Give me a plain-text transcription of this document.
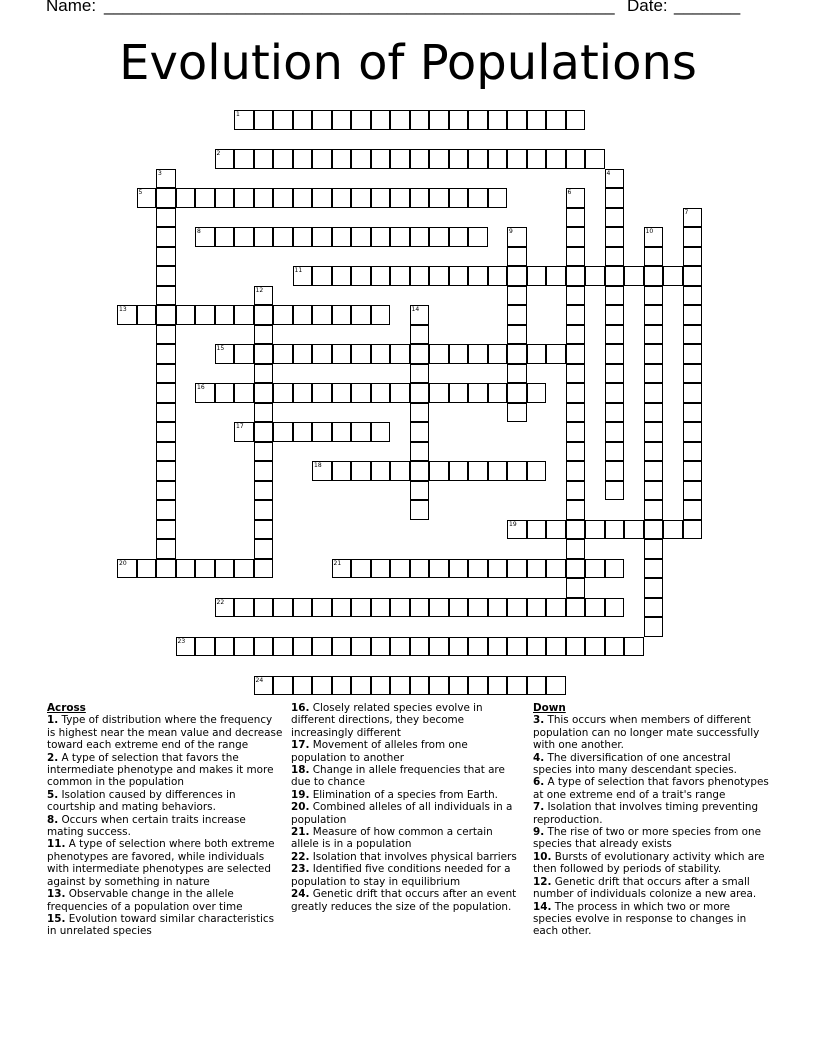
Name: ______________________________________________________ Date: _______
Evolution of Populations
1
2
3	4
5	6
7
8	9	10
11
12
13	14
15
16
17
18
19
20	21
22
23
24
Across
1. Type of distribution where the frequency is highest near the mean value and decrease toward each extreme end of the range
2. A type of selection that favors the intermediate phenotype and makes it more common in the population
5. Isolation caused by differences in courtship and mating behaviors.
8. Occurs when certain traits increase mating success.
11. A type of selection where both extreme phenotypes are favored, while individuals with intermediate phenotypes are selected against by something in nature
13. Observable change in the allele frequencies of a population over time
15. Evolution toward similar characteristics in unrelated species
16. Closely related species evolve in different directions, they become increasingly different
17. Movement of alleles from one population to another
18. Change in allele frequencies that are due to chance
19. Elimination of a species from Earth.
20. Combined alleles of all individuals in a population
21. Measure of how common a certain allele is in a population
22. Isolation that involves physical barriers
23. Identified five conditions needed for a population to stay in equilibrium
24. Genetic drift that occurs after an event greatly reduces the size of the population.
Down
3. This occurs when members of different population can no longer mate successfully with one another.
4. The diversification of one ancestral species into many descendant species.
6. A type of selection that favors phenotypes at one extreme end of a trait's range
7. Isolation that involves timing preventing reproduction.
9. The rise of two or more species from one species that already exists
10. Bursts of evolutionary activity which are then followed by periods of stability.
12. Genetic drift that occurs after a small number of individuals colonize a new area.
14. The process in which two or more species evolve in response to changes in each other.
